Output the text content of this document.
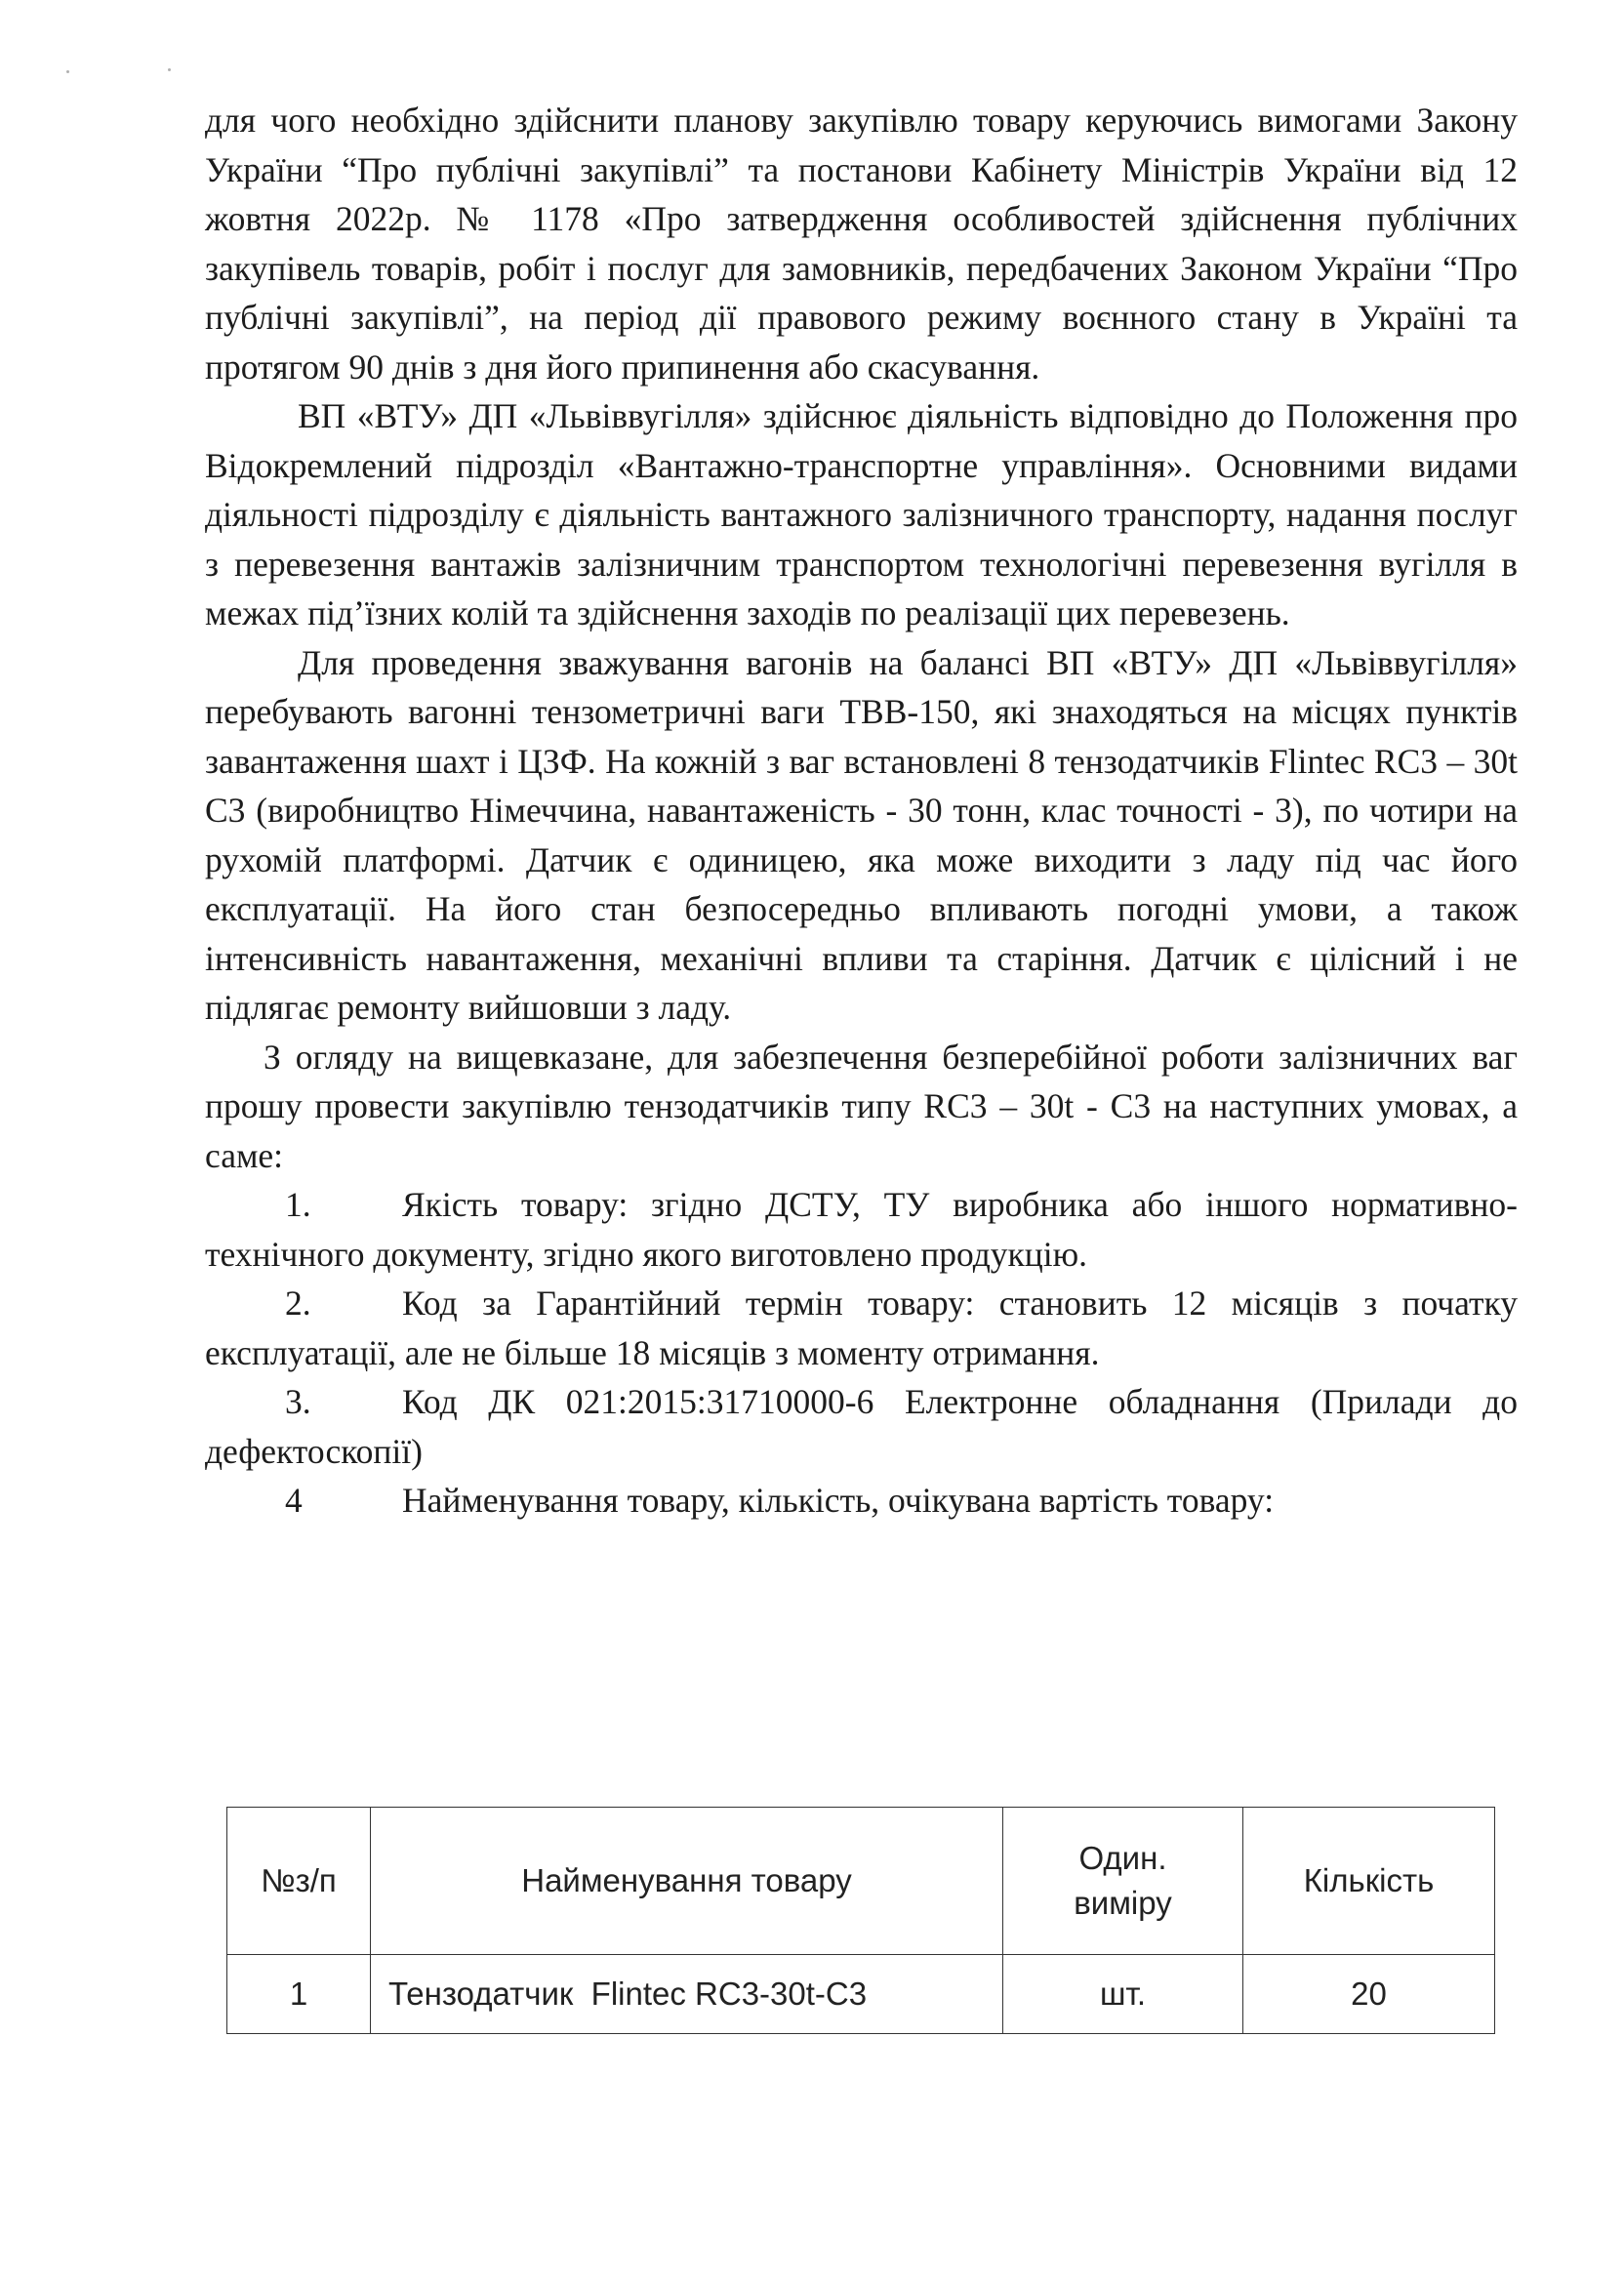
для чого необхідно здійснити планову закупівлю товару керуючись вимогами Закону України “Про публічні закупівлі” та постанови Кабінету Міністрів України від 12 жовтня 2022р. № 1178 «Про затвердження особливостей здійснення публічних закупівель товарів, робіт і послуг для замовників, передбачених Законом України “Про публічні закупівлі”, на період дії правового режиму воєнного стану в Україні та протягом 90 днів з дня його припинення або скасування.

ВП «ВТУ» ДП «Львіввугілля» здійснює діяльність відповідно до Положення про Відокремлений підрозділ «Вантажно-транспортне управління». Основними видами діяльності підрозділу є діяльність вантажного залізничного транспорту, надання послуг з перевезення вантажів залізничним транспортом технологічні перевезення вугілля в межах під’їзних колій та здійснення заходів по реалізації цих перевезень.

Для проведення зважування вагонів на балансі ВП «ВТУ» ДП «Львіввугілля» перебувають вагонні тензометричні ваги ТВВ-150, які знаходяться на місцях пунктів завантаження шахт і ЦЗФ. На кожній з ваг встановлені 8 тензодатчиків Flintec RC3 – 30t C3 (виробництво Німеччина, навантаженість - 30 тонн, клас точності - 3), по чотири на рухомій платформі. Датчик є одиницею, яка може виходити з ладу під час його експлуатації. На його стан безпосередньо впливають погодні умови, а також інтенсивність навантаження, механічні впливи та старіння. Датчик є цілісний і не підлягає ремонту вийшовши з ладу.

З огляду на вищевказане, для забезпечення безперебійної роботи залізничних ваг прошу провести закупівлю тензодатчиків типу RC3 – 30t - C3 на наступних умовах, а саме:

1.	Якість товару: згідно ДСТУ, ТУ виробника або іншого нормативно-технічного документу, згідно якого виготовлено продукцію.

2.	Код за Гарантійний термін товару: становить 12 місяців з початку експлуатації, але не більше 18 місяців з моменту отримання.

3.	Код ДК 021:2015:31710000-6 Електронне обладнання (Прилади до дефектоскопії)

4	Найменування товару, кількість, очікувана вартість товару:

№з/п	Найменування товару	Один. виміру	Кількість
1	Тензодатчик  Flintec RC3-30t-C3	шт.	20
